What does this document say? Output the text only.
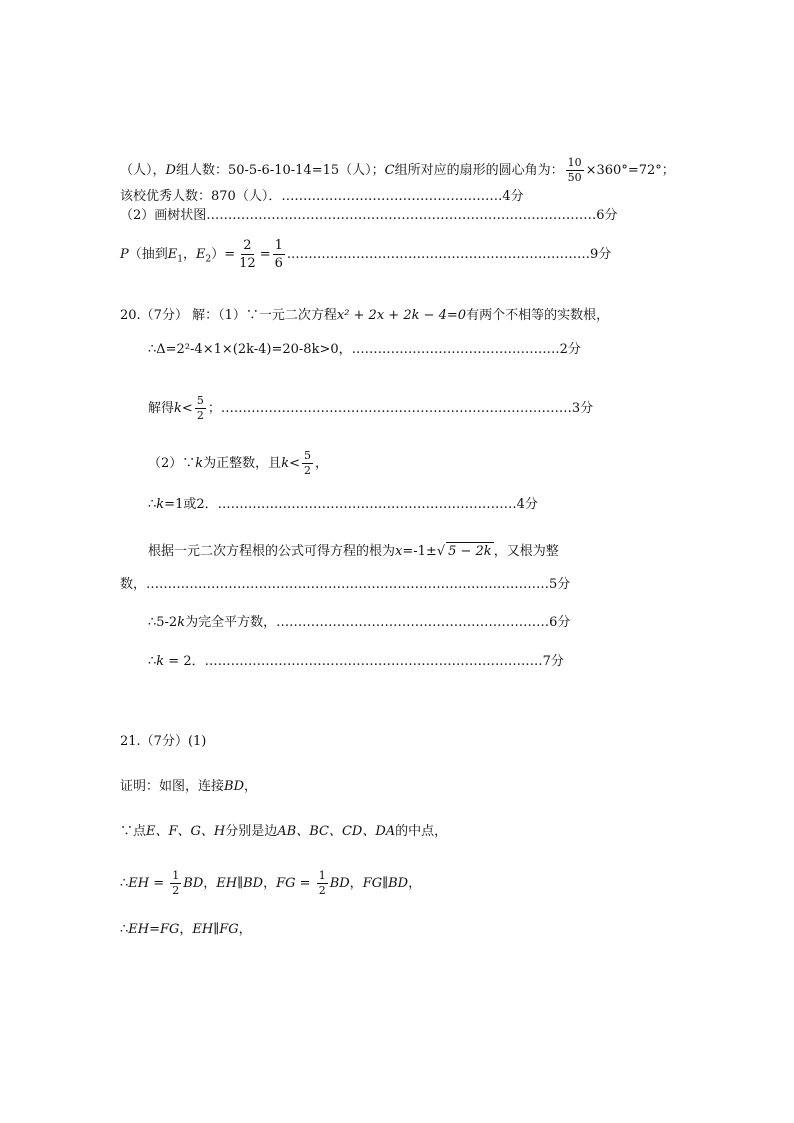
（人），D组人数：50-5-6-10-14=15（人）；C组所对应的扇形的圆心角为： $\frac{10}{50} \times 360^\circ=72^\circ$；
该校优秀人数：870（人）．……………………………………………4分
（2）画树状图………………………………………………………………………………6分
P（抽到$E_1$，$E_2)= \frac{2}{12} = \frac{1}{6}$ .……………………………………………………………9分
20.（7分） 解：（1）∵一元二次方程x² + 2x + 2k − 4=0有两个不相等的实数根，
∴Δ=2²-4×1×(2k-4)=20-8k>0，…………………………………………2分
解得$k< \frac{5}{2}$ ；………………………………………………………………………3分
（2）∵k为正整数，且$k< \frac{5}{2}$ ，
∴k=1或2．……………………………………………………………4分
根据一元二次方程根的公式可得方程的根为x=-1±√ 5 − 2k ，又根为整
数，…………………………………………………………………………………5分
∴5-2k为完全平方数，………………………………………………………6分
∴k = 2．……………………………………………………………………7分
21.（7分）(1)
证明：如图，连接BD，
∵点E、F、G、H分别是边AB、BC、CD、DA的中点，
∴EH = $\frac{1}{2}$ BD，EH∥BD，FG = $\frac{1}{2}$ BD，FG∥BD，
∴EH=FG，EH∥FG，
